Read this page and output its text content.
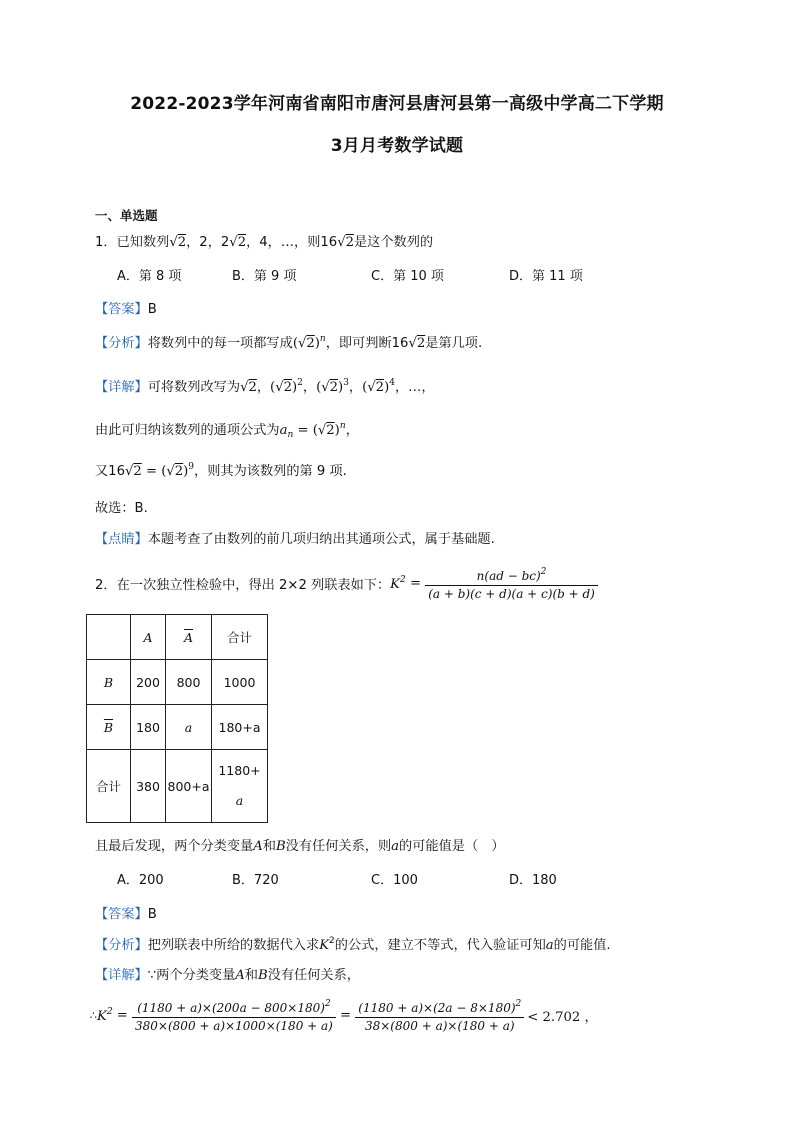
2022-2023学年河南省南阳市唐河县唐河县第一高级中学高二下学期
3月月考数学试题
一、单选题
1．已知数列√2，2，2√2，4，…，则16√2是这个数列的
A．第 8 项	B．第 9 项	C．第 10 项	D．第 11 项
【答案】B
【分析】将数列中的每一项都写成$(√2)^n$，即可判断16√2是第几项.
【详解】可将数列改写为√2，$(√2)^2$，$(√2)^3$，$(√2)^4$，…，
由此可归纳该数列的通项公式为$a_n = (√2)^n$，
又$16√2 = (√2)^9$，则其为该数列的第 9 项.
故选：B.
【点睛】本题考查了由数列的前几项归纳出其通项公式，属于基础题.
2．在一次独立性检验中，得出 2×2 列联表如下：$K^2 = \frac{n(ad - bc)^2}{(a + b)(c + d)(a + c)(b + d)}$
	A	$\overline{A}$	合计
B	200	800	1000
$\overline{B}$	180	a	180+a
合计	380	800+a	1180+
a
且最后发现，两个分类变量A和B没有任何关系，则a的可能值是（　）
A．200	B．720	C．100	D．180
【答案】B
【分析】把列联表中所给的数据代入求$K^2$的公式，建立不等式，代入验证可知a的可能值.
【详解】∵两个分类变量A和B没有任何关系，
$\therefore K^2 = \frac{(1180 + a)\times(200a - 800\times 180)^2}{380\times(800 + a)\times 1000\times(180 + a)} = \frac{(1180 + a)\times(2a - 8\times 180)^2}{38\times(800 + a)\times(180 + a)} < 2.702$ ，
